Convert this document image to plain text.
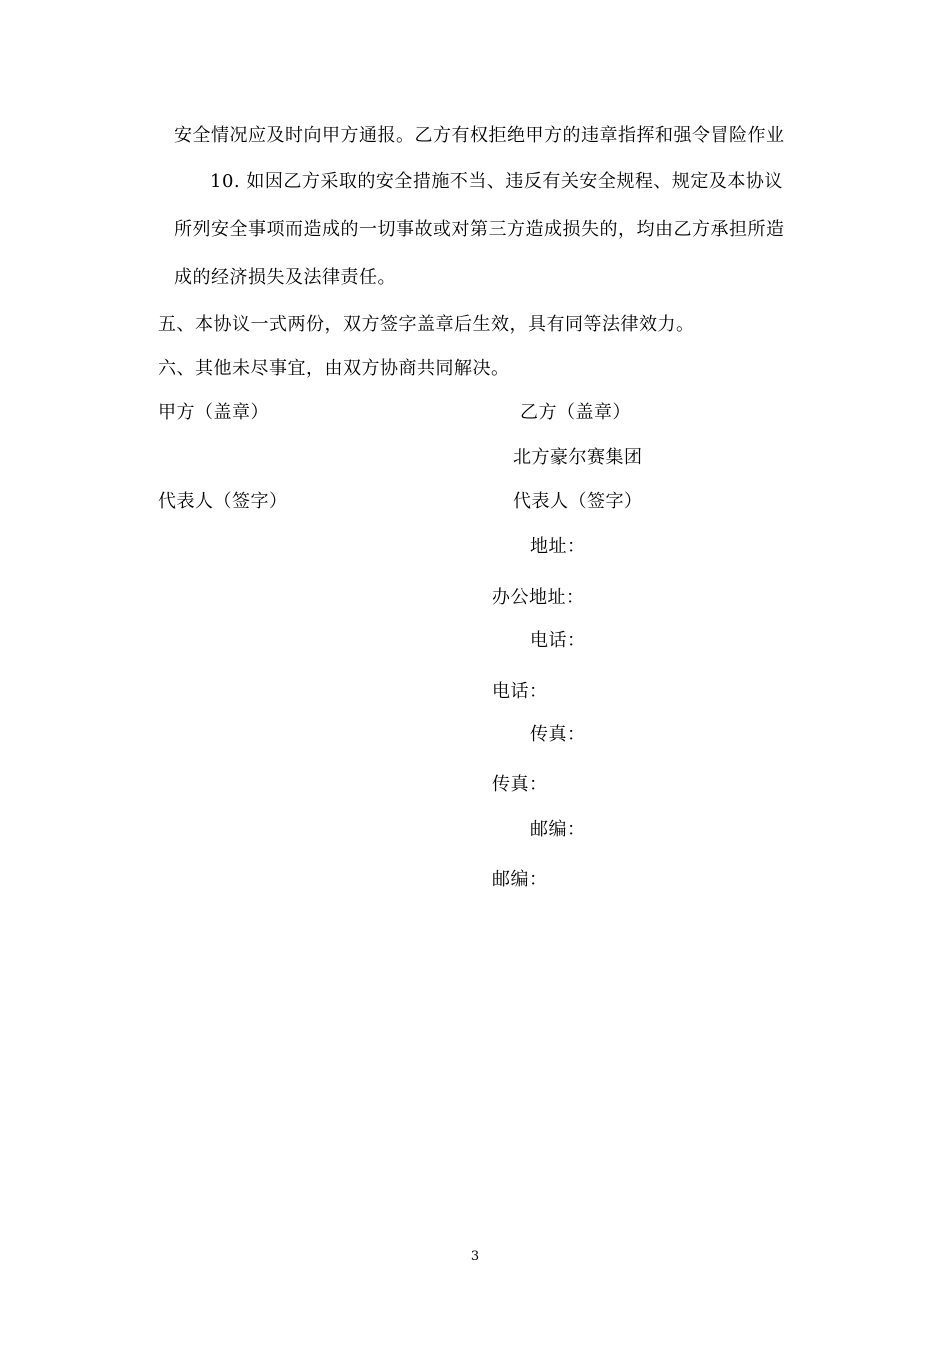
安全情况应及时向甲方通报。乙方有权拒绝甲方的违章指挥和强令冒险作业
10. 如因乙方采取的安全措施不当、违反有关安全规程、规定及本协议
所列安全事项而造成的一切事故或对第三方造成损失的，均由乙方承担所造
成的经济损失及法律责任。
五、本协议一式两份，双方签字盖章后生效，具有同等法律效力。
六、其他未尽事宜，由双方协商共同解决。
甲方（盖章）	乙方（盖章）
北方豪尔赛集团
代表人（签字）	代表人（签字）
地址：
办公地址：
电话：
电话：
传真：
传真：
邮编：
邮编：
3
